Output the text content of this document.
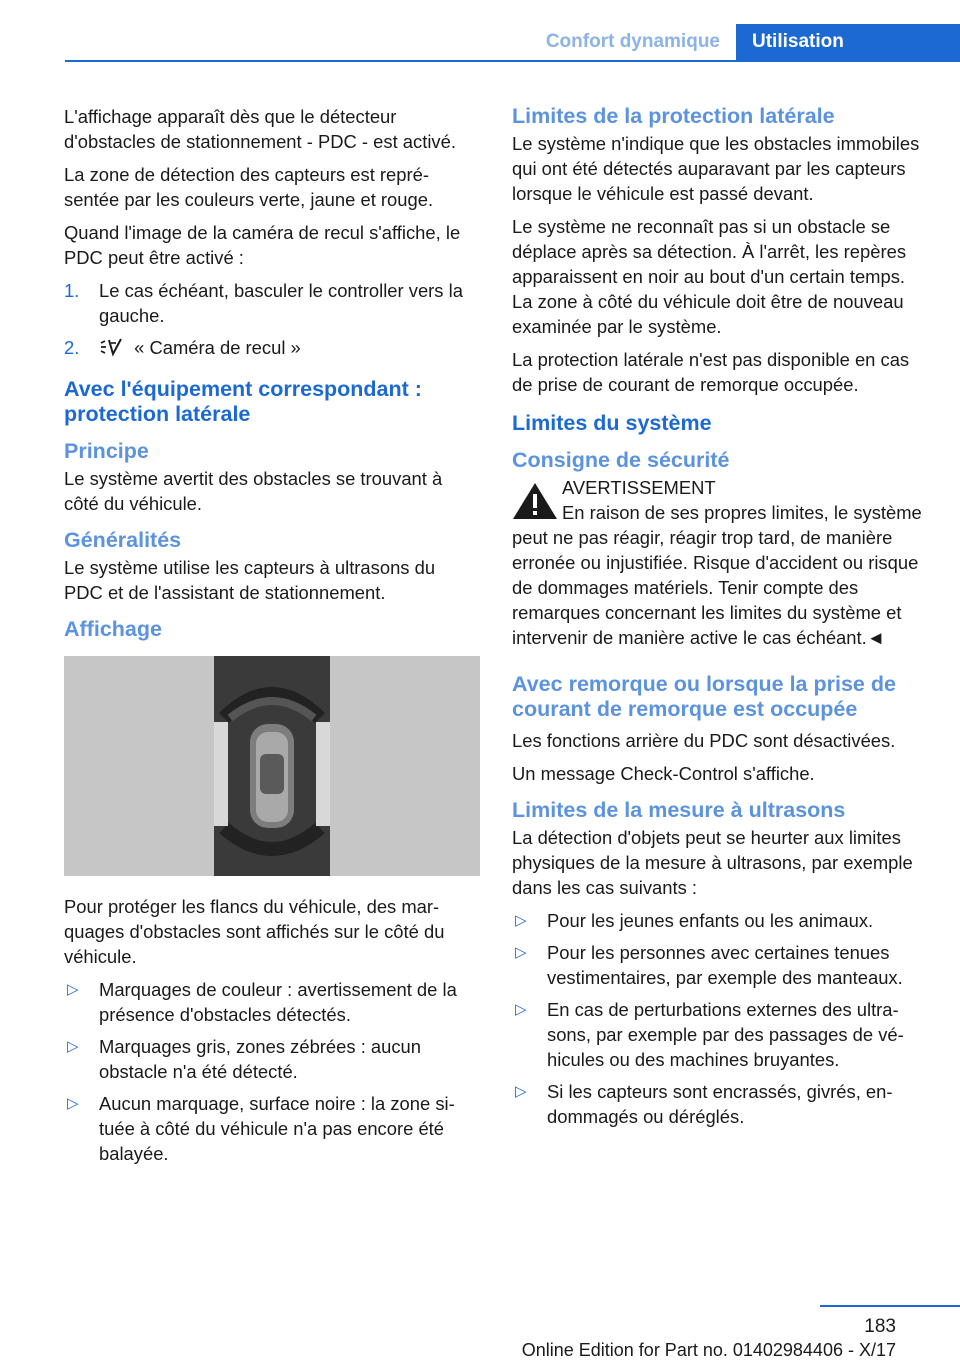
Confort dynamique	Utilisation

L'affichage apparaît dès que le détecteur d'obstacles de stationnement - PDC - est activé.

La zone de détection des capteurs est représentée par les couleurs verte, jaune et rouge.

Quand l'image de la caméra de recul s'affiche, le PDC peut être activé :

1. Le cas échéant, basculer le controller vers la gauche.
2.	« Caméra de recul »
Avec l'équipement correspondant : protection latérale
Principe

Le système avertit des obstacles se trouvant à côté du véhicule.

Généralités

Le système utilise les capteurs à ultrasons du PDC et de l'assistant de stationnement.

Affichage

Pour protéger les flancs du véhicule, des marquages d'obstacles sont affichés sur le côté du véhicule.

▷ Marquages de couleur : avertissement de la présence d'obstacles détectés.
▷ Marquages gris, zones zébrées : aucun obstacle n'a été détecté.
▷ Aucun marquage, surface noire : la zone située à côté du véhicule n'a pas encore été balayée.
Limites de la protection latérale

Le système n'indique que les obstacles immobiles qui ont été détectés auparavant par les capteurs lorsque le véhicule est passé devant.

Le système ne reconnaît pas si un obstacle se déplace après sa détection. À l'arrêt, les repères apparaissent en noir au bout d'un certain temps. La zone à côté du véhicule doit être de nouveau examinée par le système.

La protection latérale n'est pas disponible en cas de prise de courant de remorque occupée.

Limites du système
Consigne de sécurité
AVERTISSEMENT
En raison de ses propres limites, le système peut ne pas réagir, réagir trop tard, de manière erronée ou injustifiée. Risque d'accident ou risque de dommages matériels. Tenir compte des remarques concernant les limites du système et intervenir de manière active le cas échéant.◄
Avec remorque ou lorsque la prise de courant de remorque est occupée

Les fonctions arrière du PDC sont désactivées.

Un message Check-Control s'affiche.

Limites de la mesure à ultrasons

La détection d'objets peut se heurter aux limites physiques de la mesure à ultrasons, par exemple dans les cas suivants :

▷ Pour les jeunes enfants ou les animaux.
▷ Pour les personnes avec certaines tenues vestimentaires, par exemple des manteaux.
▷ En cas de perturbations externes des ultrasons, par exemple par des passages de véhicules ou des machines bruyantes.
▷ Si les capteurs sont encrassés, givrés, endommagés ou déréglés.
183
Online Edition for Part no. 01402984406 - X/17
